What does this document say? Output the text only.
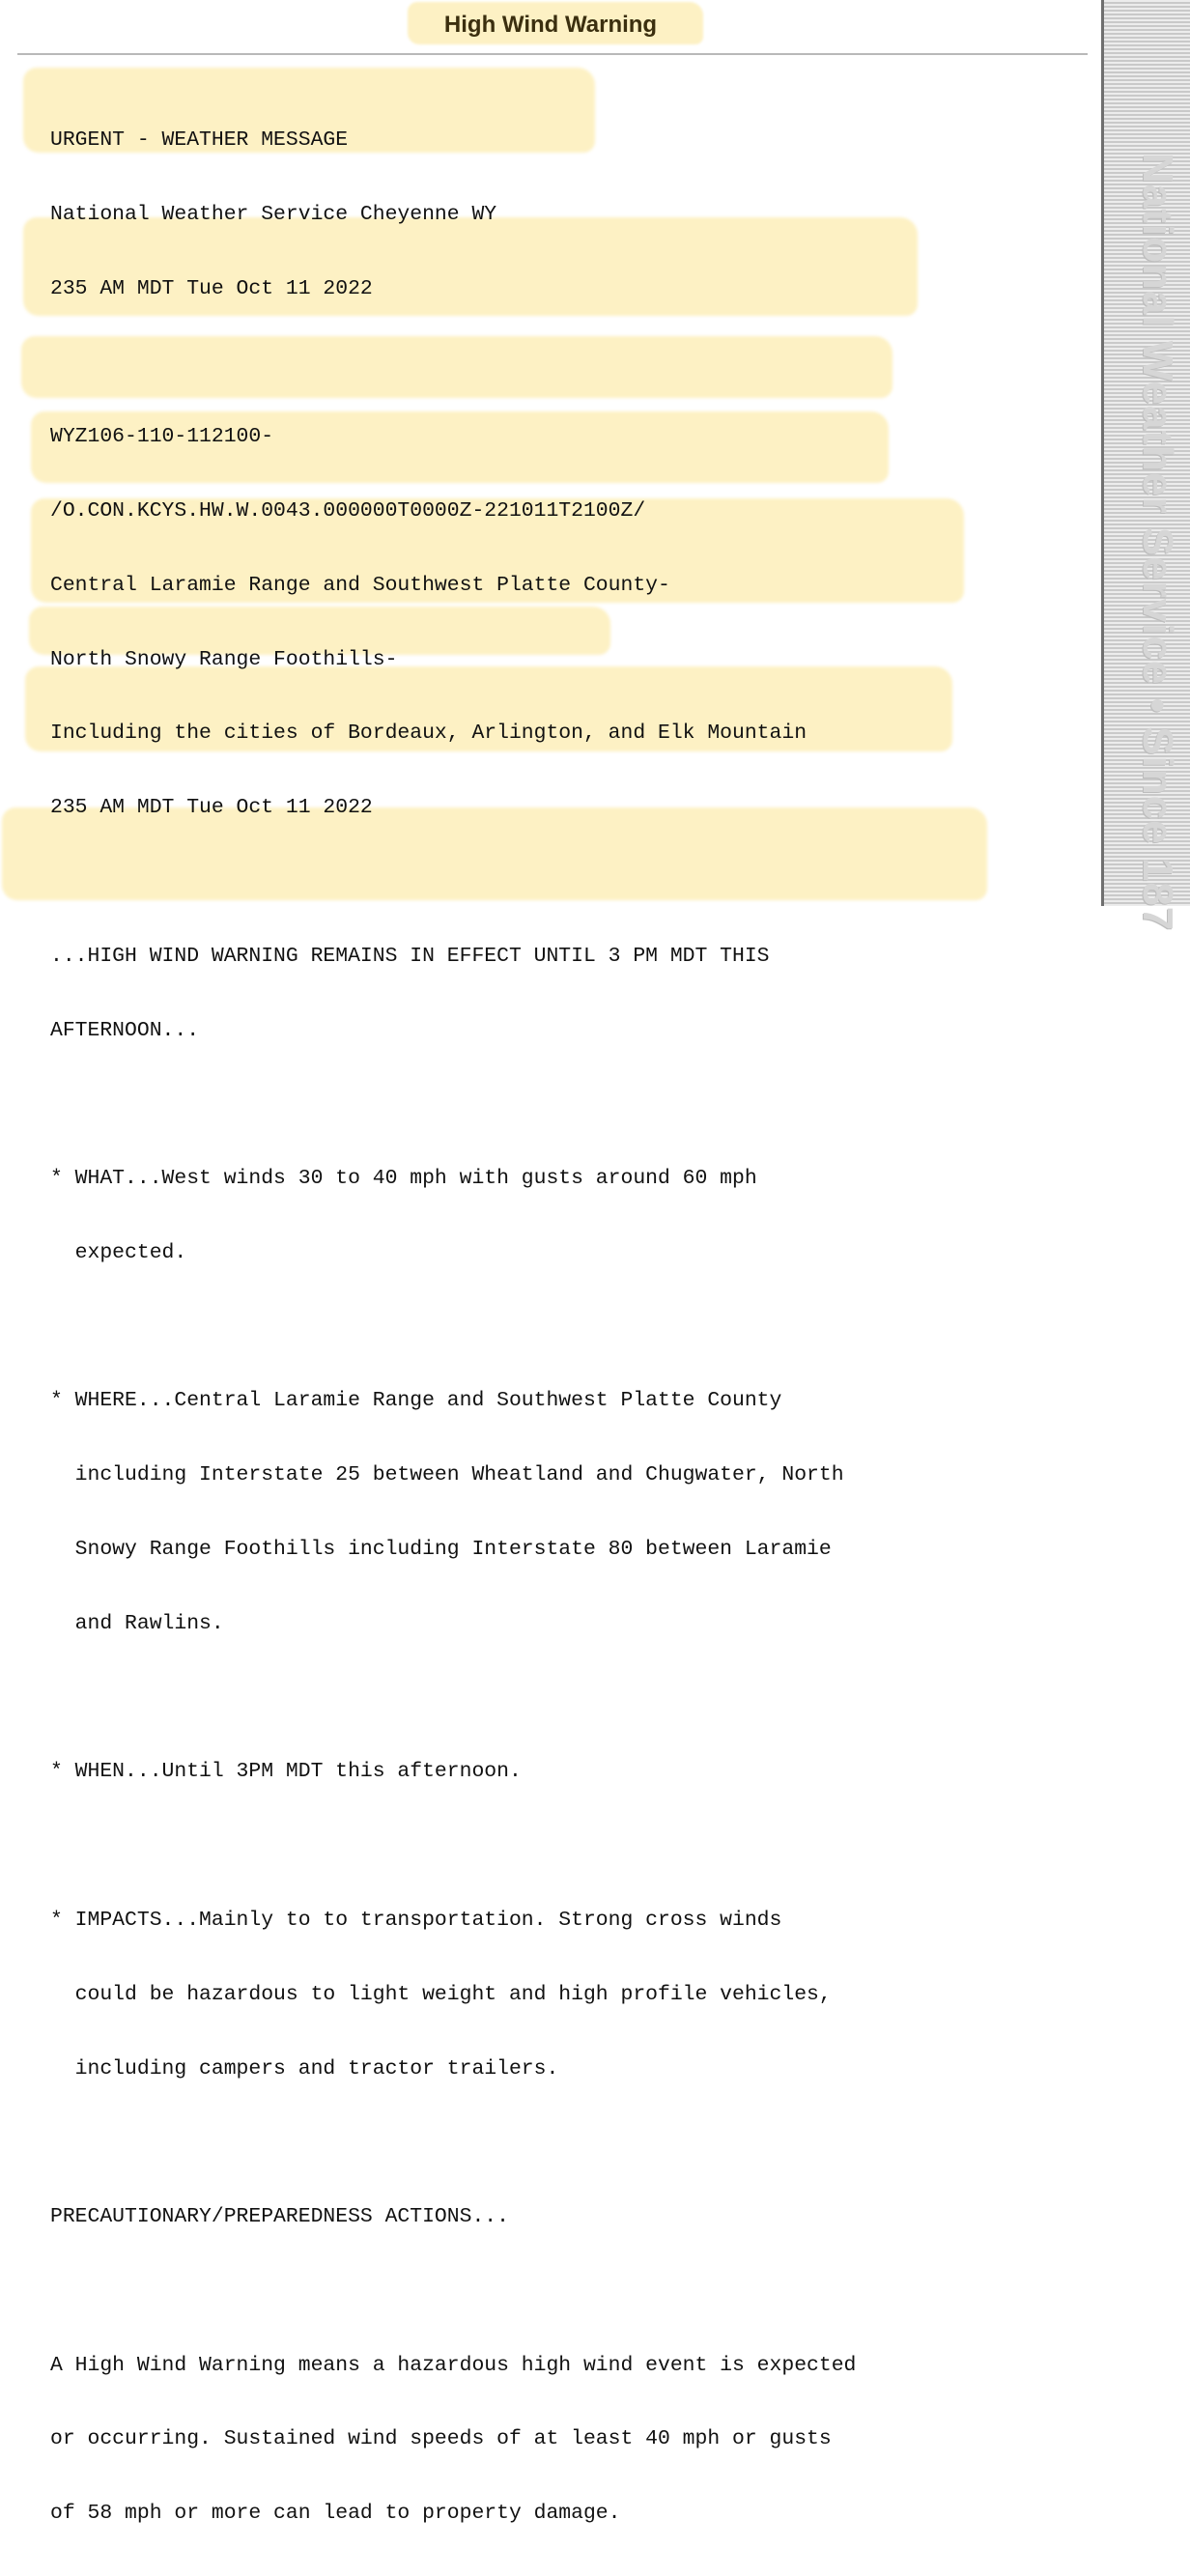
High Wind Warning

URGENT - WEATHER MESSAGE

National Weather Service Cheyenne WY

235 AM MDT Tue Oct 11 2022

WYZ106-110-112100-

/O.CON.KCYS.HW.W.0043.000000T0000Z-221011T2100Z/

Central Laramie Range and Southwest Platte County-

North Snowy Range Foothills-

Including the cities of Bordeaux, Arlington, and Elk Mountain

235 AM MDT Tue Oct 11 2022

...HIGH WIND WARNING REMAINS IN EFFECT UNTIL 3 PM MDT THIS

AFTERNOON...

* WHAT...West winds 30 to 40 mph with gusts around 60 mph

expected.

* WHERE...Central Laramie Range and Southwest Platte County

including Interstate 25 between Wheatland and Chugwater, North

Snowy Range Foothills including Interstate 80 between Laramie

and Rawlins.

* WHEN...Until 3PM MDT this afternoon.

* IMPACTS...Mainly to to transportation. Strong cross winds

could be hazardous to light weight and high profile vehicles,

including campers and tractor trailers.

PRECAUTIONARY/PREPAREDNESS ACTIONS...

A High Wind Warning means a hazardous high wind event is expected

or occurring. Sustained wind speeds of at least 40 mph or gusts

of 58 mph or more can lead to property damage.

National Weather Service • Since 187
